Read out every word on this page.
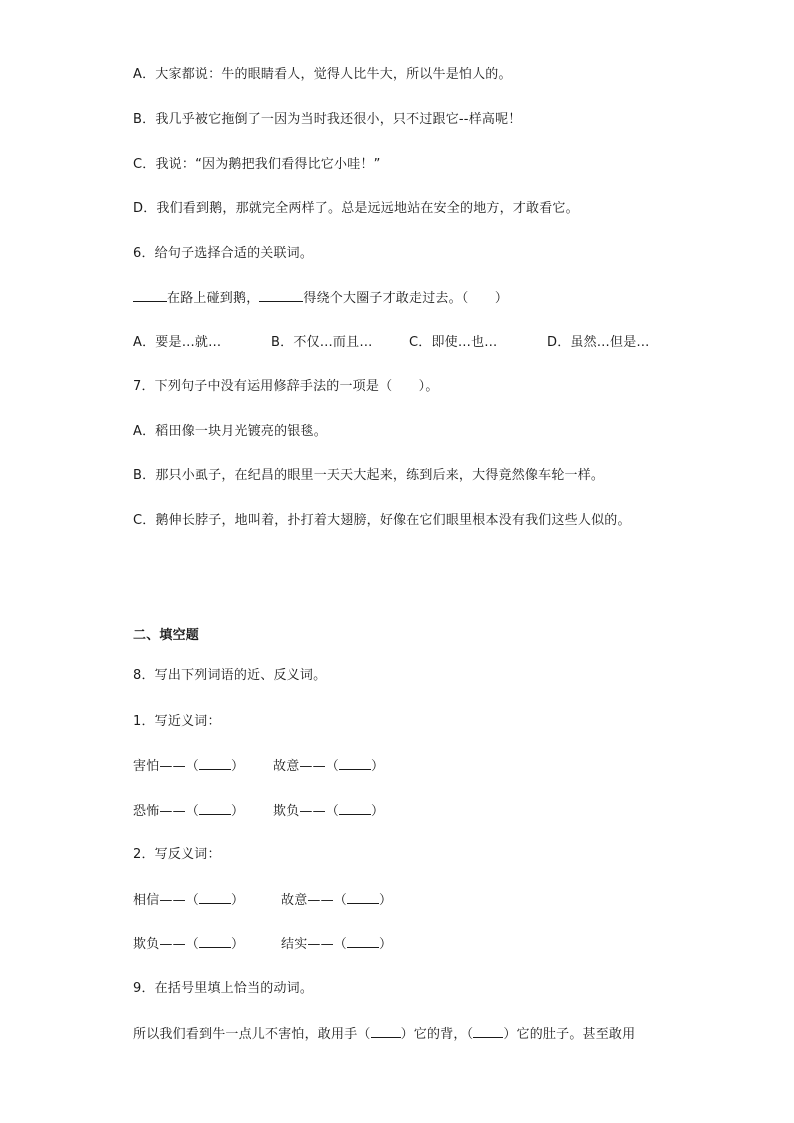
A．大家都说：牛的眼睛看人，觉得人比牛大，所以牛是怕人的。
B．我几乎被它拖倒了一因为当时我还很小，只不过跟它--样高呢！
C．我说：“因为鹅把我们看得比它小哇！”
D．我们看到鹅，那就完全两样了。总是远远地站在安全的地方，才敢看它。
6．给句子选择合适的关联词。
在路上碰到鹅，	得绕个大圈子才敢走过去。（　　）
A．要是…就…	B．不仅…而且…	C．即使…也…	D．虽然…但是…
7．下列句子中没有运用修辞手法的一项是（　　）。
A．稻田像一块月光镀亮的银毯。
B．那只小虱子，在纪昌的眼里一天天大起来，练到后来，大得竟然像车轮一样。
C．鹅伸长脖子，地叫着，扑打着大翅膀，好像在它们眼里根本没有我们这些人似的。
二、填空题
8．写出下列词语的近、反义词。
1．写近义词：
害怕——（ ）	故意——（ ）
恐怖——（ ）	欺负——（ ）
2．写反义词：
相信——（ ）	故意——（ ）
欺负——（ ）	结实——（ ）
9．在括号里填上恰当的动词。
所以我们看到牛一点儿不害怕，敢用手（ ）它的背，（ ）它的肚子。甚至敢用
